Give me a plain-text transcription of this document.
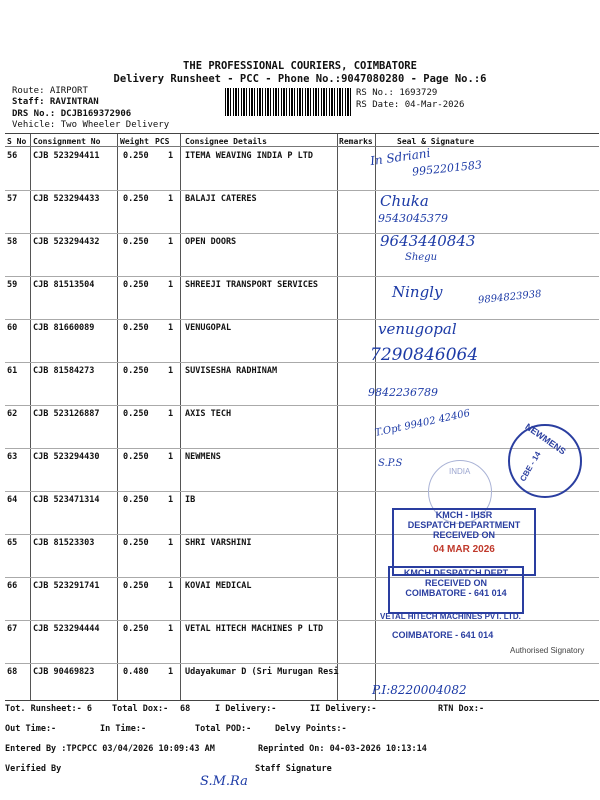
THE PROFESSIONAL COURIERS, COIMBATORE
Delivery Runsheet - PCC - Phone No.:9047080280 - Page No.:6
Route: AIRPORT
Staff: RAVINTRAN
DRS No.: DCJB169372906
Vehicle: Two Wheeler Delivery
RS No.: 1693729
RS Date: 04-Mar-2026
S No Consignment No Weight PCS Consignee Details	Remarks	Seal & Signature
56 CJB 523294411	0.250 1 ITEMA WEAVING INDIA P LTD
57 CJB 523294433	0.250 1 BALAJI CATERES
58 CJB 523294432	0.250 1 OPEN DOORS
59 CJB 81513504	0.250 1 SHREEJI TRANSPORT SERVICES
60 CJB 81660089	0.250 1 VENUGOPAL
61 CJB 81584273	0.250 1 SUVISESHA RADHINAM
62 CJB 523126887	0.250 1 AXIS TECH
63 CJB 523294430	0.250 1 NEWMENS
64 CJB 523471314	0.250 1 IB
65 CJB 81523303	0.250 1 SHRI VARSHINI
66 CJB 523291741	0.250 1 KOVAI MEDICAL
67 CJB 523294444	0.250 1 VETAL HITECH MACHINES P LTD
68 CJB 90469823	0.480 1 Udayakumar D (Sri Murugan Resi
In Sdriani
9952201583
Chuka
9543045379
9643440843
Shegu
Ningly	9894823938
venugopal
7290846064
9842236789
T.Opt 99402 42406
S.P.S
P.I:8220004082
S.M.Ra
NEWMENS
CBE - 14
INDIA
KMCH - IHSR
DESPATCH DEPARTMENT
RECEIVED ON
04 MAR 2026
KMCH DESPATCH DEPT
RECEIVED ON
COIMBATORE - 641 014
VETAL HITECH MACHINES PVT. LTD.
COIMBATORE - 641 014
Authorised Signatory
Tot. Runsheet:- 6 Total Dox:- 68	I Delivery:-	II Delivery:-	RTN Dox:-
Out Time:-	In Time:-	Total POD:-	Delvy Points:-
Entered By :TPCPCC 03/04/2026 10:09:43 AM	Reprinted On: 04-03-2026 10:13:14
Verified By	Staff Signature
